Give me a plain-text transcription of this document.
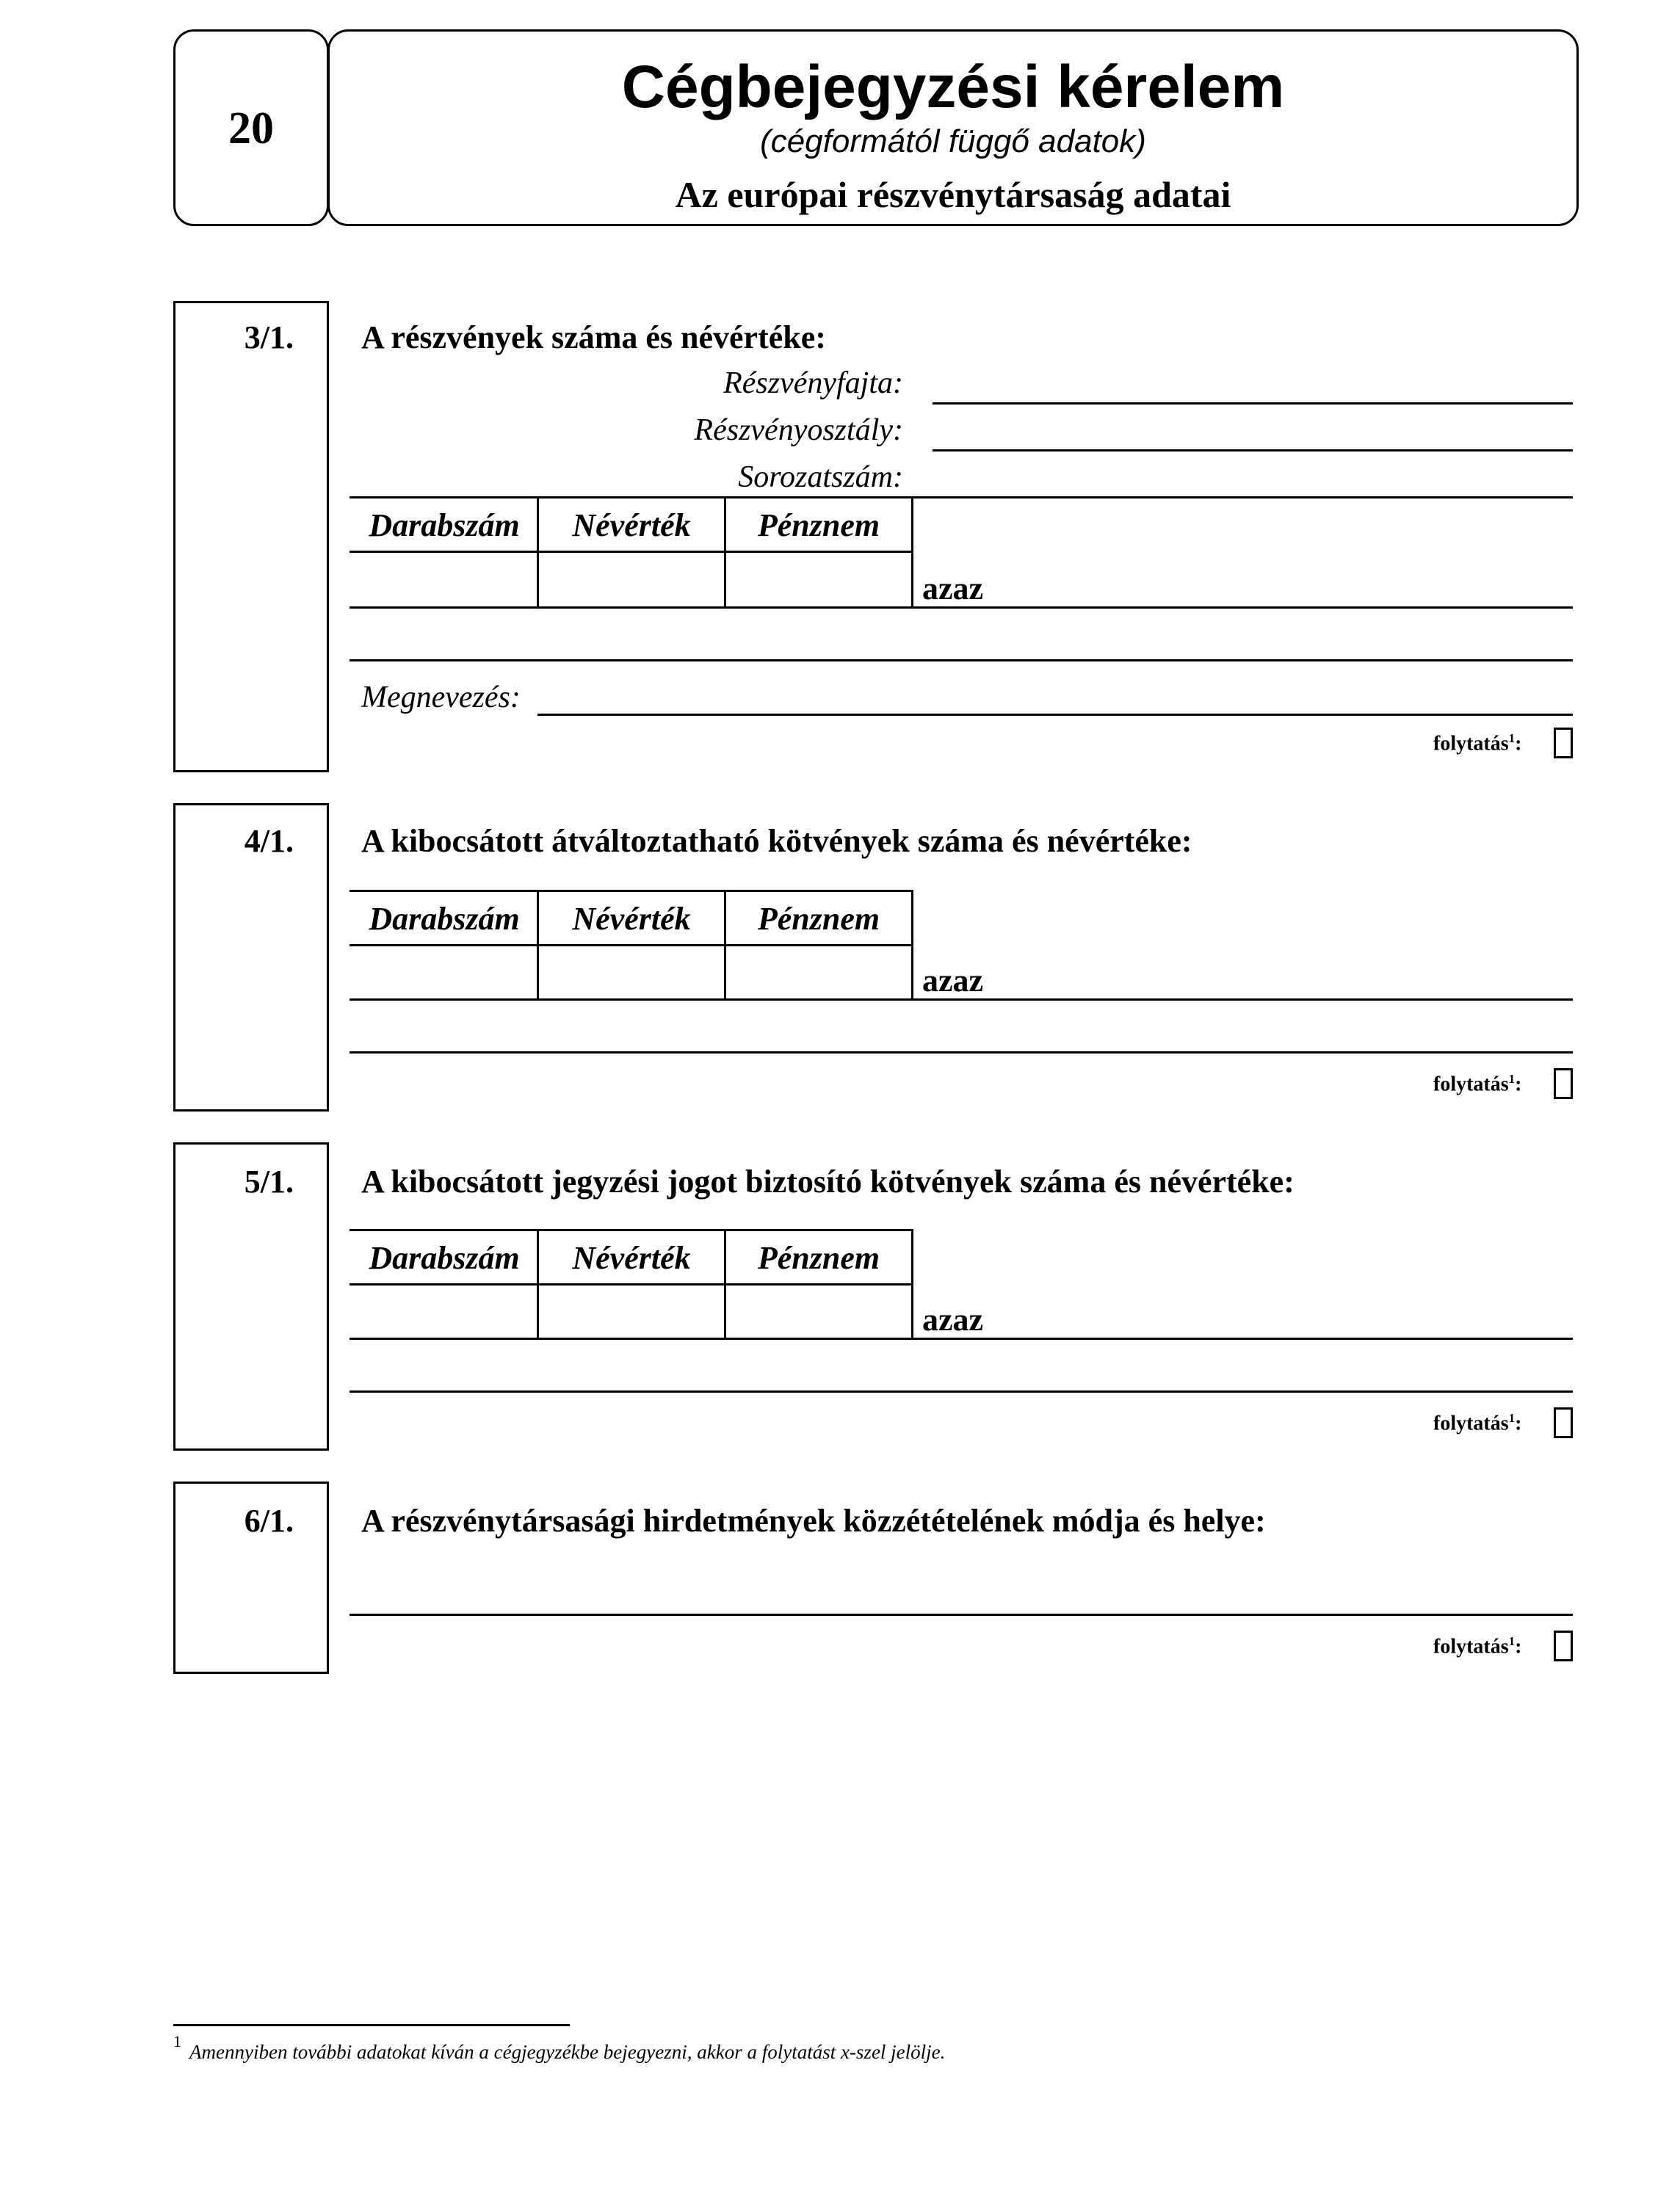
20
Cégbejegyzési kérelem
(cégformától függő adatok)
Az európai részvénytársaság adatai
3/1. A részvények száma és névértéke:
Részvényfajta:
Részvényosztály:
Sorozatszám:
Darabszám	Névérték	Pénznem
azaz
Megnevezés:
folytatás$^1$:
4/1. A kibocsátott átváltoztatható kötvények száma és névértéke:
Darabszám	Névérték	Pénznem
azaz
folytatás$^1$:
5/1. A kibocsátott jegyzési jogot biztosító kötvények száma és névértéke:
Darabszám	Névérték	Pénznem
azaz
folytatás$^1$:
6/1. A részvénytársasági hirdetmények közzétételének módja és helye:
folytatás$^1$:
1 Amennyiben további adatokat kíván a cégjegyzékbe bejegyezni, akkor a folytatást x-szel jelölje.
